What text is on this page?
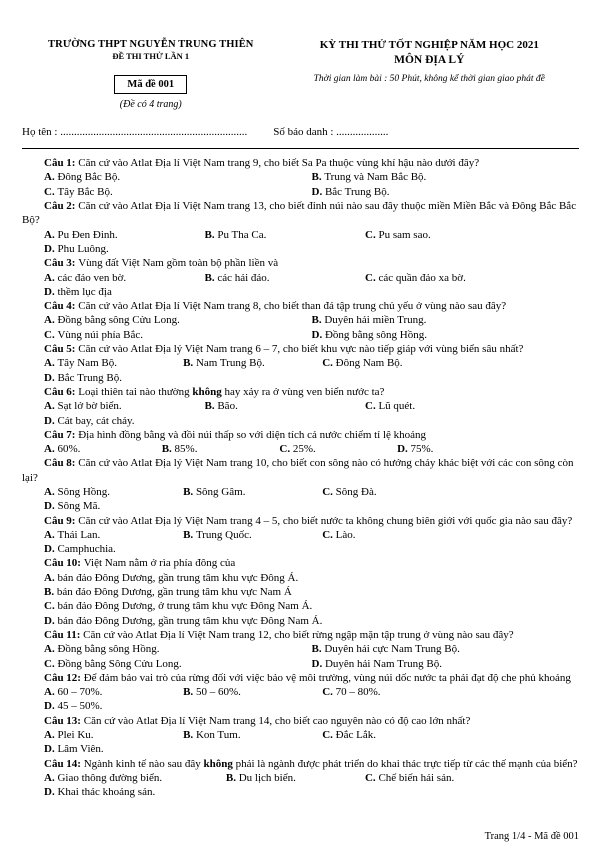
TRƯỜNG THPT NGUYỄN TRUNG THIÊN
ĐỀ THI THỬ LẦN 1
Mã đề 001
(Đề có 4 trang)
KỲ THI THỬ TỐT NGHIỆP NĂM HỌC 2021
MÔN ĐỊA LÝ
Thời gian làm bài : 50 Phút, không kể thời gian giao phát đề
Họ tên : .................................................................... Số báo danh : ...................
Câu 1: Căn cứ vào Atlat Địa lí Việt Nam trang 9, cho biết Sa Pa thuộc vùng khí hậu nào dưới đây?
A. Đông Bắc Bộ.	B. Trung và Nam Bắc Bộ.
C. Tây Bắc Bộ.	D. Bắc Trung Bộ.
Câu 2: Căn cứ vào Atlat Địa lí Việt Nam trang 13, cho biết đỉnh núi nào sau đây thuộc miền Miền Bắc và Đông Bắc Bắc Bộ?
A. Pu Đen Đinh.	B. Pu Tha Ca.	C. Pu sam sao.
D. Phu Luông.
Câu 3: Vùng đất Việt Nam gồm toàn bộ phần liền và
A. các đảo ven bờ.	B. các hải đảo.	C. các quần đảo xa bờ.
D. thềm lục địa
Câu 4: Căn cứ vào Atlat Địa lí Việt Nam trang 8, cho biết than đá tập trung chủ yếu ở vùng nào sau đây?
A. Đồng bằng sông Cửu Long.	B. Duyên hải miền Trung.
C. Vùng núi phía Bắc.	D. Đồng bằng sông Hồng.
Câu 5: Căn cứ vào Atlat Địa lý Việt Nam trang 6 – 7, cho biết khu vực nào tiếp giáp với vùng biển sâu nhất?
A. Tây Nam Bộ.	B. Nam Trung Bộ.	C. Đông Nam Bộ.
D. Bắc Trung Bộ.
Câu 6: Loại thiên tai nào thường không hay xảy ra ở vùng ven biển nước ta?
A. Sạt lở bờ biển.	B. Bão.	C. Lũ quét.
D. Cát bay, cát chảy.
Câu 7: Địa hình đồng bằng và đồi núi thấp so với diện tích cả nước chiếm tỉ lệ khoảng
A. 60%.	B. 85%.	C. 25%.	D. 75%.
Câu 8: Căn cứ vào Atlat Địa lý Việt Nam trang 10, cho biết con sông nào có hướng chảy khác biệt với các con sông còn lại?
A. Sông Hồng.	B. Sông Gâm.	C. Sông Đà.
D. Sông Mã.
Câu 9: Căn cứ vào Atlat Địa lý Việt Nam trang 4 – 5, cho biết nước ta không chung biên giới với quốc gia nào sau đây?
A. Thái Lan.	B. Trung Quốc.	C. Lào.
D. Camphuchia.
Câu 10: Việt Nam nằm ở rìa phía đông của
A. bán đảo Đông Dương, gần trung tâm khu vực Đông Á.
B. bán đảo Đông Dương, gần trung tâm khu vực Nam Á
C. bán đảo Đông Dương, ở trung tâm khu vực Đông Nam Á.
D. bán đảo Đông Dương, gần trung tâm khu vực Đông Nam Á.
Câu 11: Căn cứ vào Atlat Địa lí Việt Nam trang 12, cho biết rừng ngập mặn tập trung ở vùng nào sau đây?
A. Đồng bằng sông Hồng.	B. Duyên hải cực Nam Trung Bộ.
C. Đồng bằng Sông Cửu Long.	D. Duyên hải Nam Trung Bộ.
Câu 12: Để đảm bảo vai trò của rừng đối với việc bảo vệ môi trường, vùng núi dốc nước ta phải đạt độ che phủ khoảng
A. 60 – 70%.	B. 50 – 60%.	C. 70 – 80%.
D. 45 – 50%.
Câu 13: Căn cứ vào Atlat Địa lí Việt Nam trang 14, cho biết cao nguyên nào có độ cao lớn nhất?
A. Plei Ku.	B. Kon Tum.	C. Đắc Lắk.
D. Lâm Viên.
Câu 14: Ngành kinh tế nào sau đây không phải là ngành được phát triển do khai thác trực tiếp từ các thế mạnh của biển?
A. Giao thông đường biển.	B. Du lịch biển.	C. Chế biến hải sản.
D. Khai thác khoáng sản.
Trang 1/4 - Mã đề 001
